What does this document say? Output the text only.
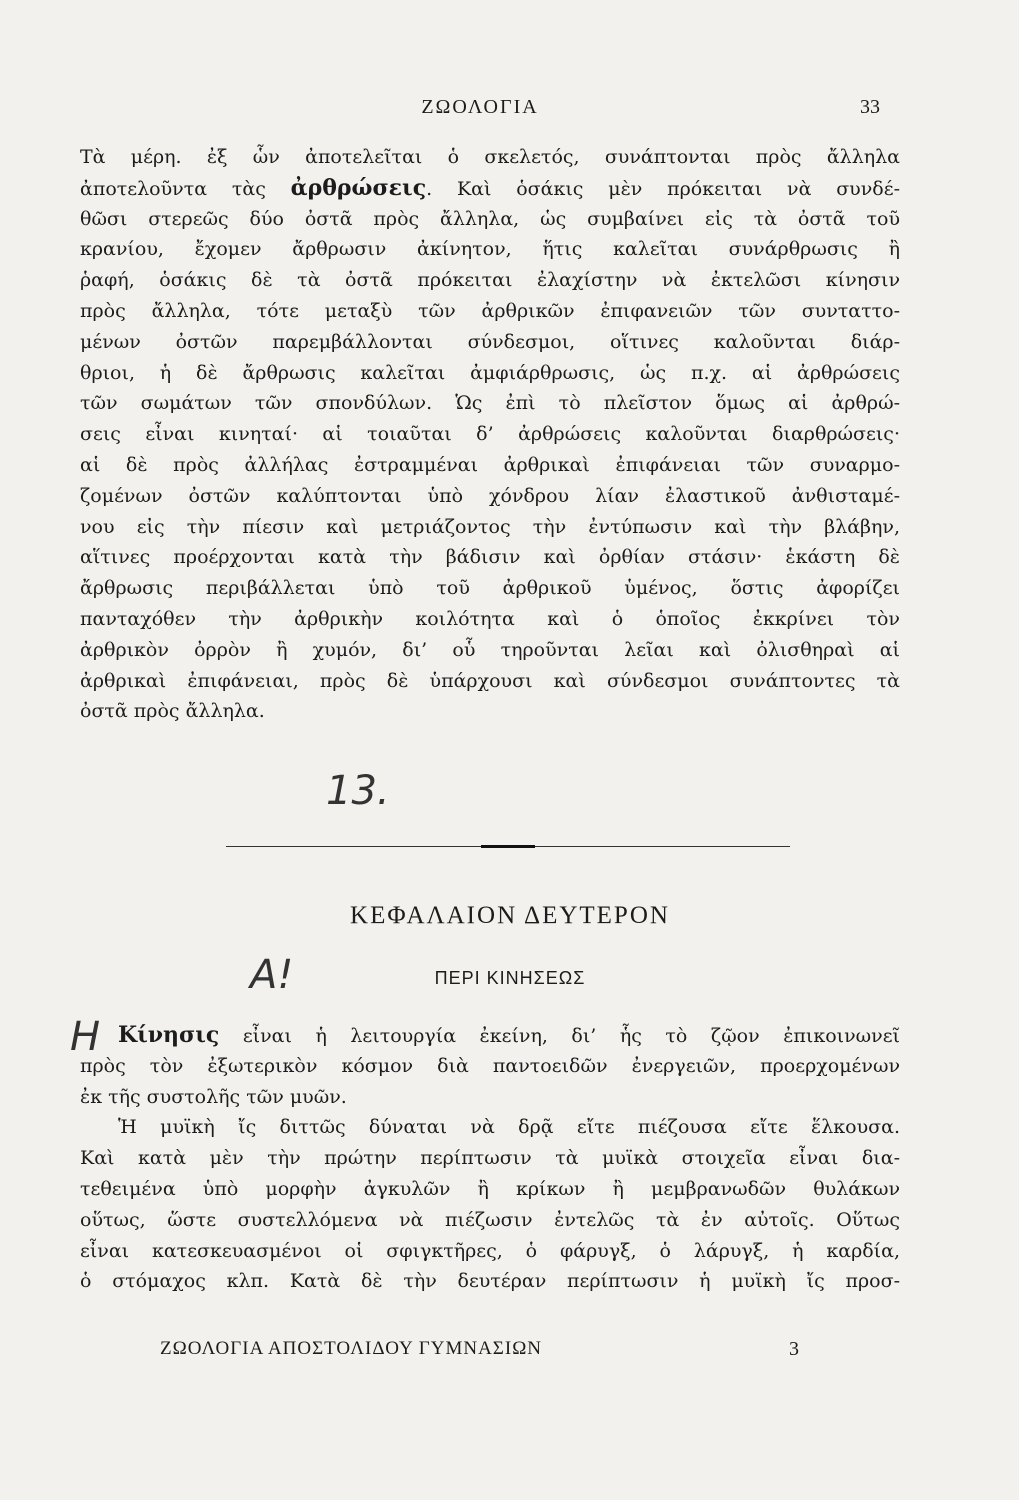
ΖΩΟΛΟΓΙΑ	33
Τὰ μέρη. ἐξ ὧν ἀποτελεῖται ὁ σκελετός, συνάπτονται πρὸς ἄλληλα
ἀποτελοῦντα τὰς ἀρθρώσεις. Καὶ ὁσάκις μὲν πρόκειται νὰ συνδέ-
θῶσι στερεῶς δύο ὀστᾶ πρὸς ἄλληλα, ὡς συμβαίνει εἰς τὰ ὀστᾶ τοῦ
κρανίου, ἔχομεν ἄρθρωσιν ἀκίνητον, ἥτις καλεῖται συνάρθρωσις ἢ
ῥαφή, ὁσάκις δὲ τὰ ὀστᾶ πρόκειται ἐλαχίστην νὰ ἐκτελῶσι κίνησιν
πρὸς ἄλληλα, τότε μεταξὺ τῶν ἀρθρικῶν ἐπιφανειῶν τῶν συνταττο-
μένων ὀστῶν παρεμβάλλονται σύνδεσμοι, οἵτινες καλοῦνται διάρ-
θριοι, ἡ δὲ ἄρθρωσις καλεῖται ἀμφιάρθρωσις, ὡς π.χ. αἱ ἀρθρώσεις
τῶν σωμάτων τῶν σπονδύλων. Ὡς ἐπὶ τὸ πλεῖστον ὅμως αἱ ἀρθρώ-
σεις εἶναι κινηταί· αἱ τοιαῦται δ’ ἀρθρώσεις καλοῦνται διαρθρώσεις·
αἱ δὲ πρὸς ἀλλήλας ἐστραμμέναι ἀρθρικαὶ ἐπιφάνειαι τῶν συναρμο-
ζομένων ὀστῶν καλύπτονται ὑπὸ χόνδρου λίαν ἐλαστικοῦ ἀνθισταμέ-
νου εἰς τὴν πίεσιν καὶ μετριάζοντος τὴν ἐντύπωσιν καὶ τὴν βλάβην,
αἵτινες προέρχονται κατὰ τὴν βάδισιν καὶ ὀρθίαν στάσιν· ἑκάστη δὲ
ἄρθρωσις περιβάλλεται ὑπὸ τοῦ ἀρθρικοῦ ὑμένος, ὅστις ἀφορίζει
πανταχόθεν τὴν ἀρθρικὴν κοιλότητα καὶ ὁ ὁποῖος ἐκκρίνει τὸν
ἀρθρικὸν ὀρρὸν ἢ χυμόν, δι’ οὗ τηροῦνται λεῖαι καὶ ὀλισθηραὶ αἱ
ἀρθρικαὶ ἐπιφάνειαι, πρὸς δὲ ὑπάρχουσι καὶ σύνδεσμοι συνάπτοντες τὰ
ὀστᾶ πρὸς ἄλληλα.
13.
ΚΕΦΑΛΑΙΟΝ ΔΕΥΤΕΡΟΝ
A!	ΠΕΡΙ ΚΙΝΗΣΕΩΣ
H Κίνησις εἶναι ἡ λειτουργία ἐκείνη, δι’ ἧς τὸ ζῷον ἐπικοινωνεῖ
πρὸς τὸν ἐξωτερικὸν κόσμον διὰ παντοειδῶν ἐνεργειῶν, προερχομένων
ἐκ τῆς συστολῆς τῶν μυῶν.
Ἡ μυϊκὴ ἴς διττῶς δύναται νὰ δρᾷ εἴτε πιέζουσα εἴτε ἕλκουσα.
Καὶ κατὰ μὲν τὴν πρώτην περίπτωσιν τὰ μυϊκὰ στοιχεῖα εἶναι δια-
τεθειμένα ὑπὸ μορφὴν ἀγκυλῶν ἢ κρίκων ἢ μεμβρανωδῶν θυλάκων
οὕτως, ὥστε συστελλόμενα νὰ πιέζωσιν ἐντελῶς τὰ ἐν αὐτοῖς. Οὕτως
εἶναι κατεσκευασμένοι οἱ σφιγκτῆρες, ὁ φάρυγξ, ὁ λάρυγξ, ἡ καρδία,
ὁ στόμαχος κλπ. Κατὰ δὲ τὴν δευτέραν περίπτωσιν ἡ μυϊκὴ ἴς προσ-
ΖΩΟΛΟΓΙΑ ΑΠΟΣΤΟΛΙΔΟΥ ΓΥΜΝΑΣΙΩΝ	3
